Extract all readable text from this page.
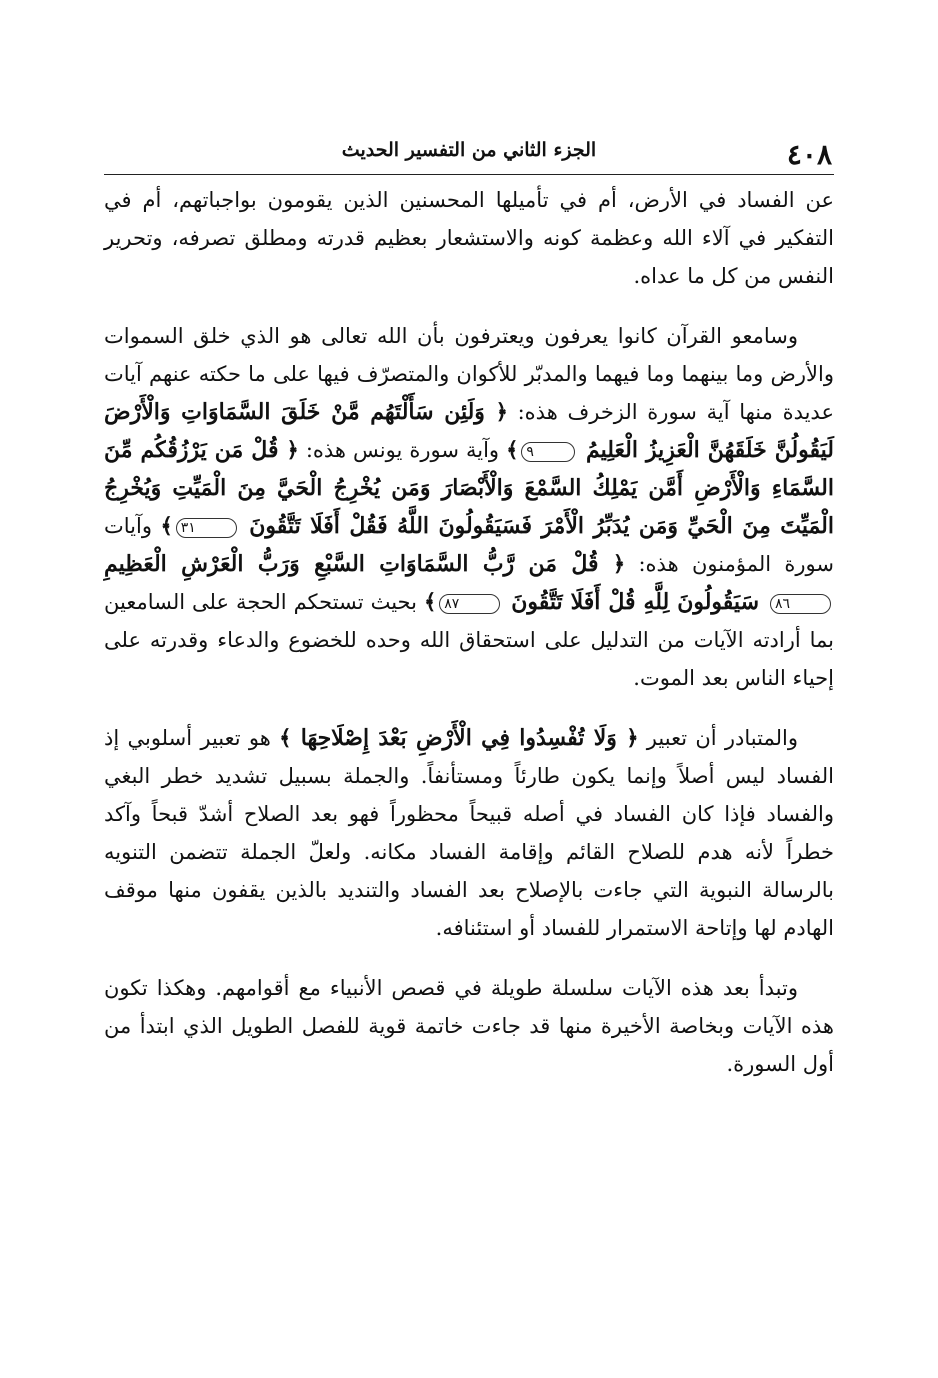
٤٠٨
الجزء الثاني من التفسير الحديث

عن الفساد في الأرض، أم في تأميلها المحسنين الذين يقومون بواجباتهم، أم في التفكير في آلاء الله وعظمة كونه والاستشعار بعظيم قدرته ومطلق تصرفه، وتحرير النفس من كل ما عداه.

وسامعو القرآن كانوا يعرفون ويعترفون بأن الله تعالى هو الذي خلق السموات والأرض وما بينهما وما فيهما والمدبّر للأكوان والمتصرّف فيها على ما حكته عنهم آيات عديدة منها آية سورة الزخرف هذه: ﴿ وَلَئِن سَأَلْتَهُم مَّنْ خَلَقَ السَّمَاوَاتِ وَالْأَرْضَ لَيَقُولُنَّ خَلَقَهُنَّ الْعَزِيزُ الْعَلِيمُ ٩﴾ وآية سورة يونس هذه: ﴿ قُلْ مَن يَرْزُقُكُم مِّنَ السَّمَاءِ وَالْأَرْضِ أَمَّن يَمْلِكُ السَّمْعَ وَالْأَبْصَارَ وَمَن يُخْرِجُ الْحَيَّ مِنَ الْمَيِّتِ وَيُخْرِجُ الْمَيِّتَ مِنَ الْحَيِّ وَمَن يُدَبِّرُ الْأَمْرَ فَسَيَقُولُونَ اللَّهُ فَقُلْ أَفَلَا تَتَّقُونَ ٣١﴾ وآيات سورة المؤمنون هذه: ﴿ قُلْ مَن رَّبُّ السَّمَاوَاتِ السَّبْعِ وَرَبُّ الْعَرْشِ الْعَظِيمِ ٨٦ سَيَقُولُونَ لِلَّهِ قُلْ أَفَلَا تَتَّقُونَ ٨٧﴾ بحيث تستحكم الحجة على السامعين بما أرادته الآيات من التدليل على استحقاق الله وحده للخضوع والدعاء وقدرته على إحياء الناس بعد الموت.

والمتبادر أن تعبير ﴿ وَلَا تُفْسِدُوا فِي الْأَرْضِ بَعْدَ إِصْلَاحِهَا ﴾ هو تعبير أسلوبي إذ الفساد ليس أصلاً وإنما يكون طارئاً ومستأنفاً. والجملة بسبيل تشديد خطر البغي والفساد فإذا كان الفساد في أصله قبيحاً محظوراً فهو بعد الصلاح أشدّ قبحاً وآكد خطراً لأنه هدم للصلاح القائم وإقامة الفساد مكانه. ولعلّ الجملة تتضمن التنويه بالرسالة النبوية التي جاءت بالإصلاح بعد الفساد والتنديد بالذين يقفون منها موقف الهادم لها وإتاحة الاستمرار للفساد أو استئنافه.

وتبدأ بعد هذه الآيات سلسلة طويلة في قصص الأنبياء مع أقوامهم. وهكذا تكون هذه الآيات وبخاصة الأخيرة منها قد جاءت خاتمة قوية للفصل الطويل الذي ابتدأ من أول السورة.
